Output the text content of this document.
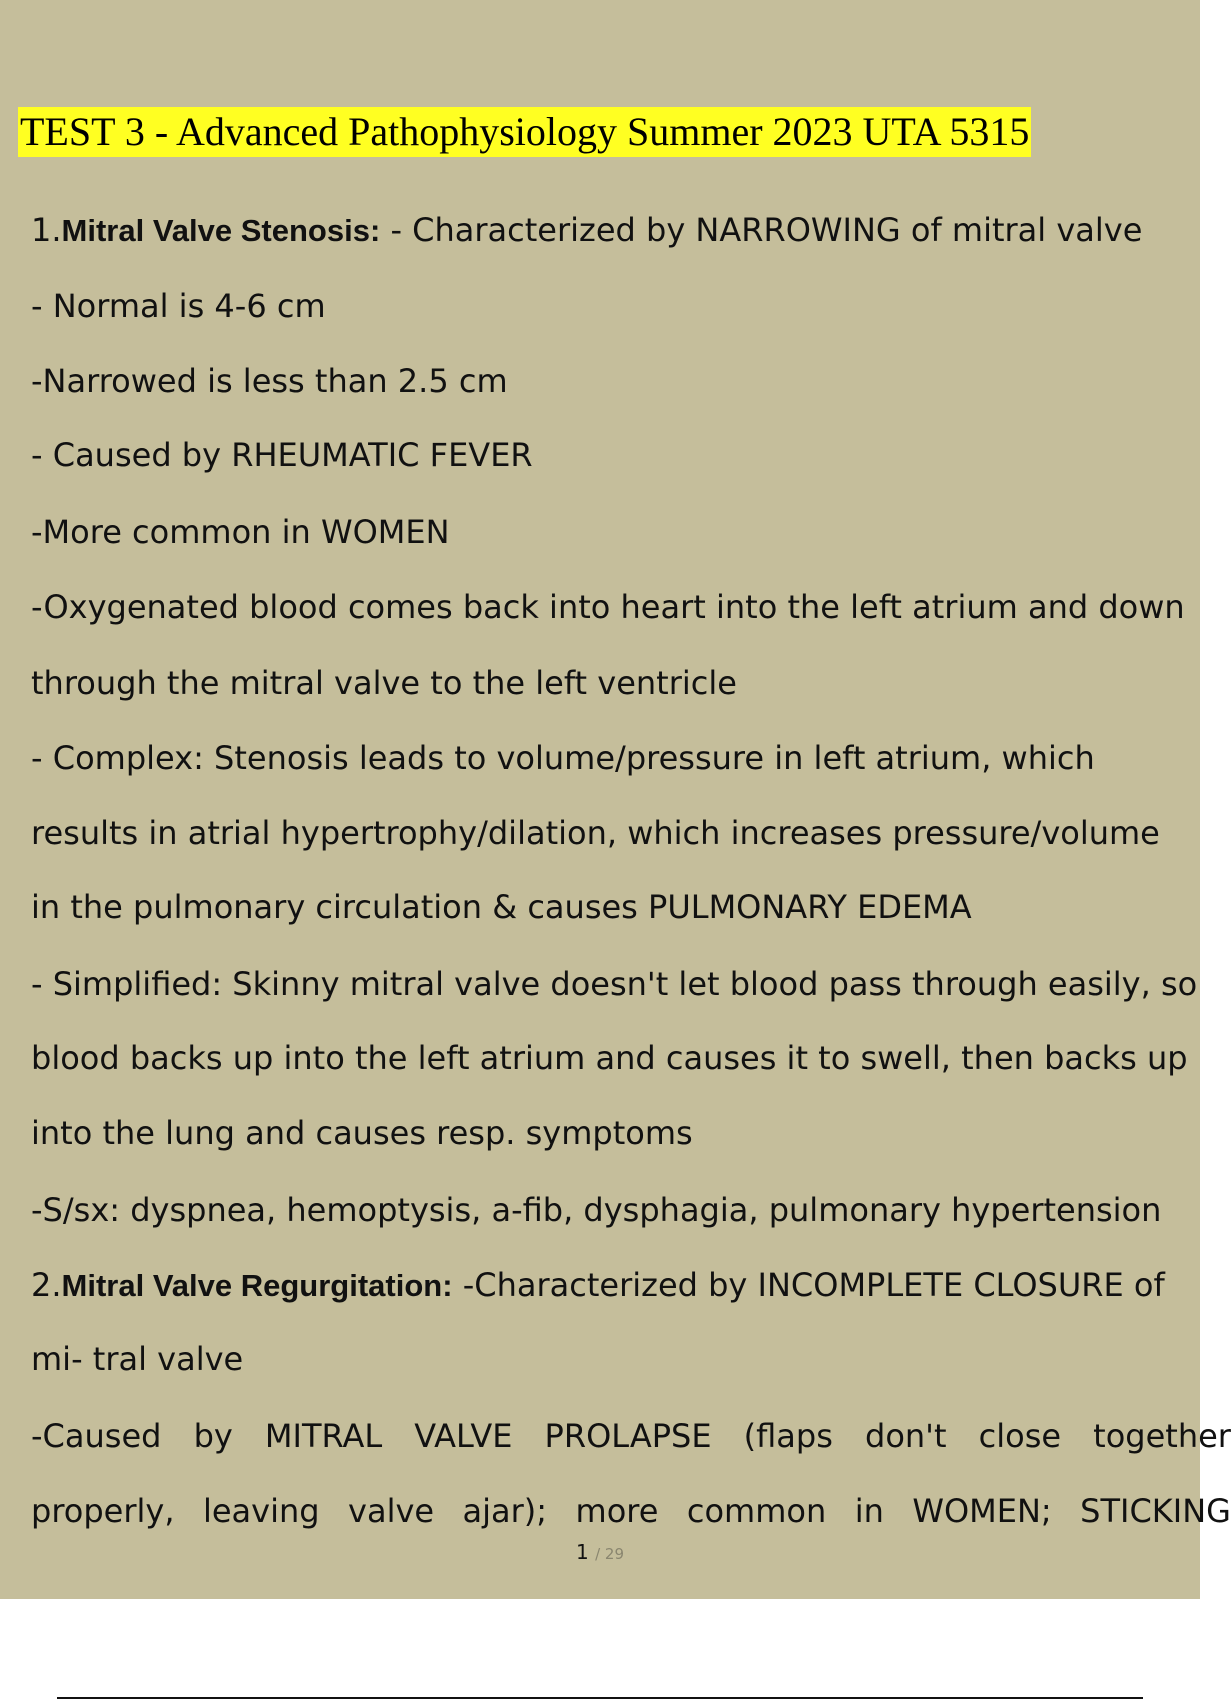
TEST 3 - Advanced Pathophysiology Summer 2023 UTA 5315
1.Mitral Valve Stenosis: - Characterized by NARROWING of mitral valve
- Normal is 4-6 cm
-Narrowed is less than 2.5 cm
- Caused by RHEUMATIC FEVER
-More common in WOMEN
-Oxygenated blood comes back into heart into the left atrium and down
through the mitral valve to the left ventricle
- Complex: Stenosis leads to volume/pressure in left atrium, which
results in atrial hypertrophy/dilation, which increases pressure/volume
in the pulmonary circulation & causes PULMONARY EDEMA
- Simplified: Skinny mitral valve doesn't let blood pass through easily, so
blood backs up into the left atrium and causes it to swell, then backs up
into the lung and causes resp. symptoms
-S/sx: dyspnea, hemoptysis, a-fib, dysphagia, pulmonary hypertension
2.Mitral Valve Regurgitation: -Characterized by INCOMPLETE CLOSURE of
mi- tral valve
-Caused by MITRAL VALVE PROLAPSE (flaps don't close together
properly, leaving valve ajar); more common in WOMEN; STICKING
1 / 29
